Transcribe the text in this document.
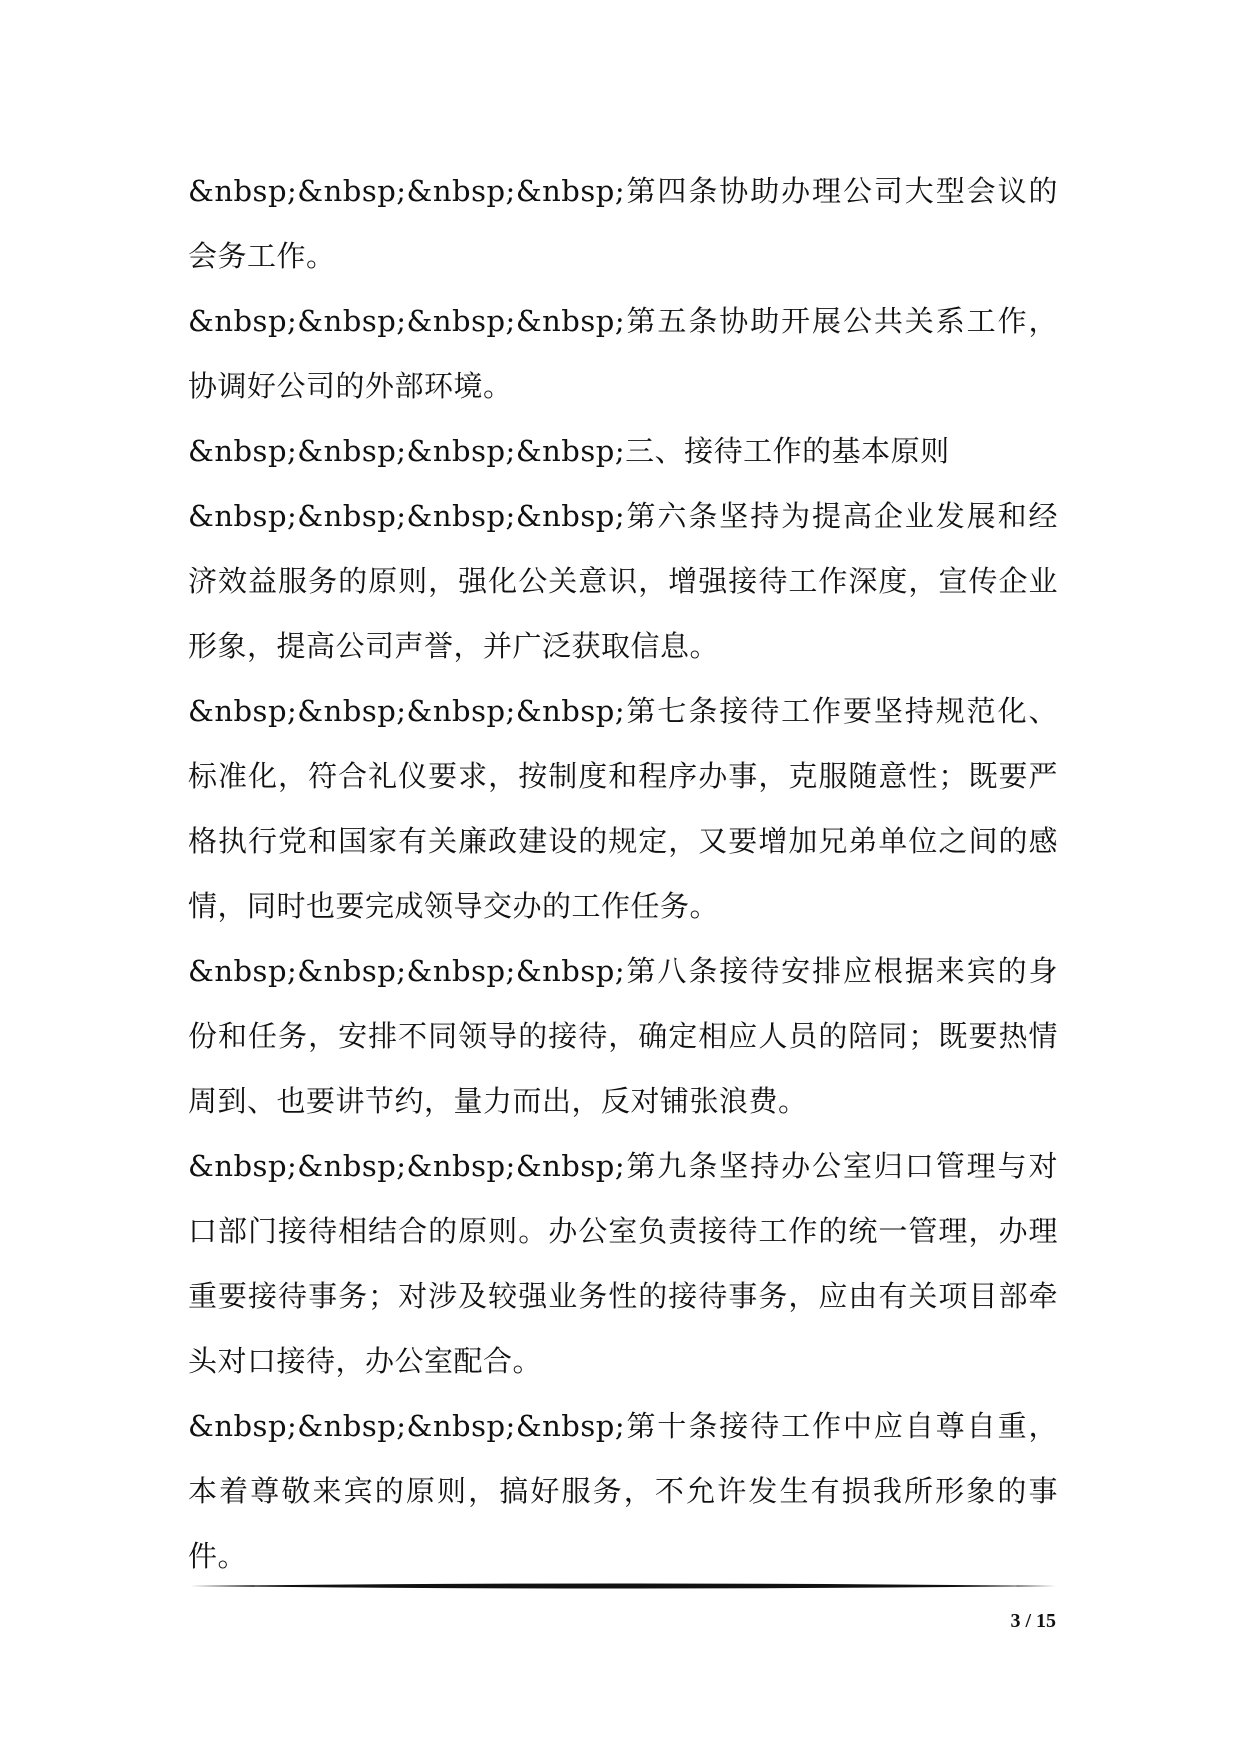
&nbsp;&nbsp;&nbsp;&nbsp;第四条协助办理公司大型会议的会务工作。

&nbsp;&nbsp;&nbsp;&nbsp;第五条协助开展公共关系工作，协调好公司的外部环境。

&nbsp;&nbsp;&nbsp;&nbsp;三、接待工作的基本原则

&nbsp;&nbsp;&nbsp;&nbsp;第六条坚持为提高企业发展和经济效益服务的原则，强化公关意识，增强接待工作深度，宣传企业形象，提高公司声誉，并广泛获取信息。

&nbsp;&nbsp;&nbsp;&nbsp;第七条接待工作要坚持规范化、标准化，符合礼仪要求，按制度和程序办事，克服随意性；既要严格执行党和国家有关廉政建设的规定，又要增加兄弟单位之间的感情，同时也要完成领导交办的工作任务。

&nbsp;&nbsp;&nbsp;&nbsp;第八条接待安排应根据来宾的身份和任务，安排不同领导的接待，确定相应人员的陪同；既要热情周到、也要讲节约，量力而出，反对铺张浪费。

&nbsp;&nbsp;&nbsp;&nbsp;第九条坚持办公室归口管理与对口部门接待相结合的原则。办公室负责接待工作的统一管理，办理重要接待事务；对涉及较强业务性的接待事务，应由有关项目部牵头对口接待，办公室配合。

&nbsp;&nbsp;&nbsp;&nbsp;第十条接待工作中应自尊自重，本着尊敬来宾的原则，搞好服务，不允许发生有损我所形象的事件。

3 / 15
